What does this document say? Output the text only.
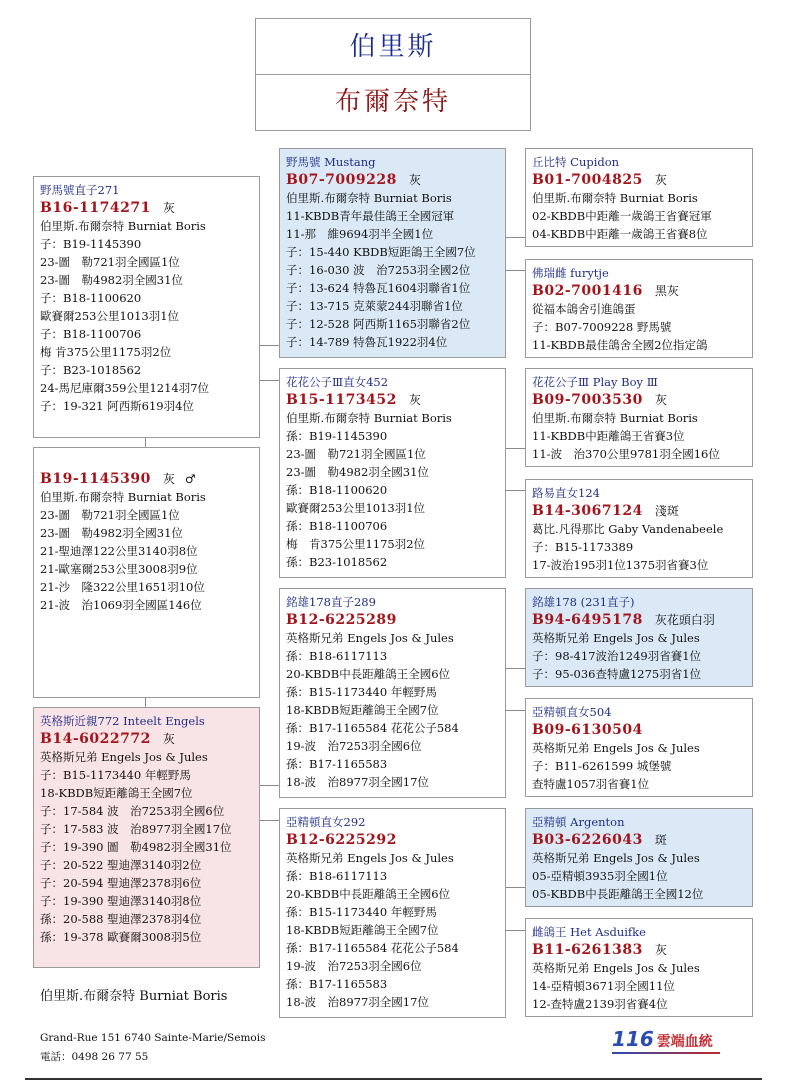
伯里斯
布爾奈特
野馬號直子271
B16-1174271 灰
伯里斯.布爾奈特 Burniat Boris
子：B19-1145390
23-圖　勒721羽全國區1位
23-圖　勒4982羽全國31位
子：B18-1100620
歐賽爾253公里1013羽1位
子：B18-1100706
梅 肯375公里1175羽2位
子：B23-1018562
24-馬尼庫爾359公里1214羽7位
子：19-321 阿西斯619羽4位
B19-1145390 灰 ♂
伯里斯.布爾奈特 Burniat Boris
23-圖　勒721羽全國區1位
23-圖　勒4982羽全國31位
21-聖迪澤122公里3140羽8位
21-歐塞爾253公里3008羽9位
21-沙　隆322公里1651羽10位
21-波　治1069羽全國區146位
英格斯近親772 Inteelt Engels
B14-6022772 灰
英格斯兄弟 Engels Jos & Jules
子：B15-1173440 年輕野馬
18-KBDB短距離鴿王全國7位
子：17-584 波　治7253羽全國6位
子：17-583 波　治8977羽全國17位
子：19-390 圖　勒4982羽全國31位
子：20-522 聖迪澤3140羽2位
子：20-594 聖迪澤2378羽6位
子：19-390 聖迪澤3140羽8位
孫：20-588 聖迪澤2378羽4位
孫：19-378 歐賽爾3008羽5位
野馬號 Mustang
B07-7009228 灰
伯里斯.布爾奈特 Burniat Boris
11-KBDB青年最佳鴿王全國冠軍
11-那　維9694羽半全國1位
子：15-440 KBDB短距鴿王全國7位
子：16-030 波　治7253羽全國2位
子：13-624 特魯瓦1604羽聯省1位
子：13-715 克萊蒙244羽聯省1位
子：12-528 阿西斯1165羽聯省2位
子：14-789 特魯瓦1922羽4位
花花公子Ⅲ直女452
B15-1173452 灰
伯里斯.布爾奈特 Burniat Boris
孫：B19-1145390
23-圖　勒721羽全國區1位
23-圖　勒4982羽全國31位
孫：B18-1100620
歐賽爾253公里1013羽1位
孫：B18-1100706
梅　肯375公里1175羽2位
孫：B23-1018562
銘雄178直子289
B12-6225289
英格斯兄弟 Engels Jos & Jules
孫：B18-6117113
20-KBDB中長距離鴿王全國6位
孫：B15-1173440 年輕野馬
18-KBDB短距離鴿王全國7位
孫：B17-1165584 花花公子584
19-波　治7253羽全國6位
孫：B17-1165583
18-波　治8977羽全國17位
亞精頓直女292
B12-6225292
英格斯兄弟 Engels Jos & Jules
孫：B18-6117113
20-KBDB中長距離鴿王全國6位
孫：B15-1173440 年輕野馬
18-KBDB短距離鴿王全國7位
孫：B17-1165584 花花公子584
19-波　治7253羽全國6位
孫：B17-1165583
18-波　治8977羽全國17位
丘比特 Cupidon
B01-7004825 灰
伯里斯.布爾奈特 Burniat Boris
02-KBDB中距離一歲鴿王省賽冠軍
04-KBDB中距離一歲鴿王省賽8位
佛瑞雌 furytje
B02-7001416 黑灰
從福本鴿舍引進鴿蛋
子：B07-7009228 野馬號
11-KBDB最佳鴿舍全國2位指定鴿
花花公子Ⅲ Play Boy Ⅲ
B09-7003530 灰
伯里斯.布爾奈特 Burniat Boris
11-KBDB中距離鴿王省賽3位
11-波　治370公里9781羽全國16位
路易直女124
B14-3067124 淺斑
葛比.凡得那比 Gaby Vandenabeele
子：B15-1173389
17-波治195羽1位1375羽省賽3位
銘雄178 (231直子)
B94-6495178 灰花頭白羽
英格斯兄弟 Engels Jos & Jules
子：98-417波治1249羽省賽1位
子：95-036查特盧1275羽省1位
亞精頓直女504
B09-6130504
英格斯兄弟 Engels Jos & Jules
子：B11-6261599 城堡號
查特盧1057羽省賽1位
亞精頓 Argenton
B03-6226043 斑
英格斯兄弟 Engels Jos & Jules
05-亞精頓3935羽全國1位
05-KBDB中長距離鴿王全國12位
雌鴿王 Het Asduifke
B11-6261383 灰
英格斯兄弟 Engels Jos & Jules
14-亞精頓3671羽全國11位
12-查特盧2139羽省賽4位
伯里斯.布爾奈特 Burniat Boris
Grand-Rue 151 6740 Sainte-Marie/Semois
電話：0498 26 77 55
116 雲端血統
